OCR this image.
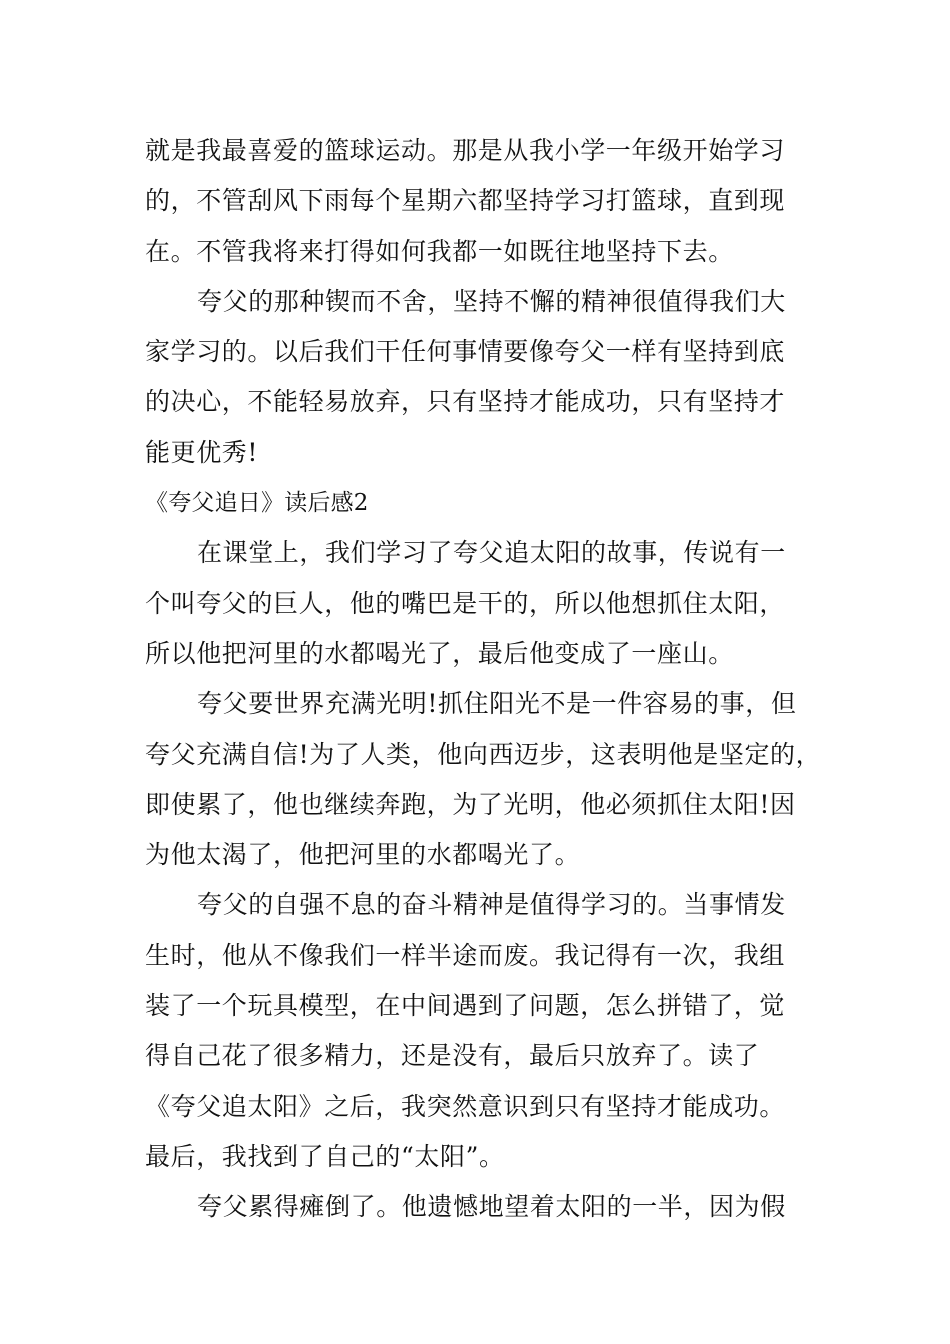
就是我最喜爱的篮球运动。那是从我小学一年级开始学习
的，不管刮风下雨每个星期六都坚持学习打篮球，直到现
在。不管我将来打得如何我都一如既往地坚持下去。
夸父的那种锲而不舍，坚持不懈的精神很值得我们大
家学习的。以后我们干任何事情要像夸父一样有坚持到底
的决心，不能轻易放弃，只有坚持才能成功，只有坚持才
能更优秀!
《夸父追日》读后感2
在课堂上，我们学习了夸父追太阳的故事，传说有一
个叫夸父的巨人，他的嘴巴是干的，所以他想抓住太阳，
所以他把河里的水都喝光了，最后他变成了一座山。
夸父要世界充满光明!抓住阳光不是一件容易的事，但
夸父充满自信!为了人类，他向西迈步，这表明他是坚定的，
即使累了，他也继续奔跑，为了光明，他必须抓住太阳!因
为他太渴了，他把河里的水都喝光了。
夸父的自强不息的奋斗精神是值得学习的。当事情发
生时，他从不像我们一样半途而废。我记得有一次，我组
装了一个玩具模型，在中间遇到了问题，怎么拼错了，觉
得自己花了很多精力，还是没有，最后只放弃了。读了
《夸父追太阳》之后，我突然意识到只有坚持才能成功。
最后，我找到了自己的“太阳”。
夸父累得瘫倒了。他遗憾地望着太阳的一半，因为假
